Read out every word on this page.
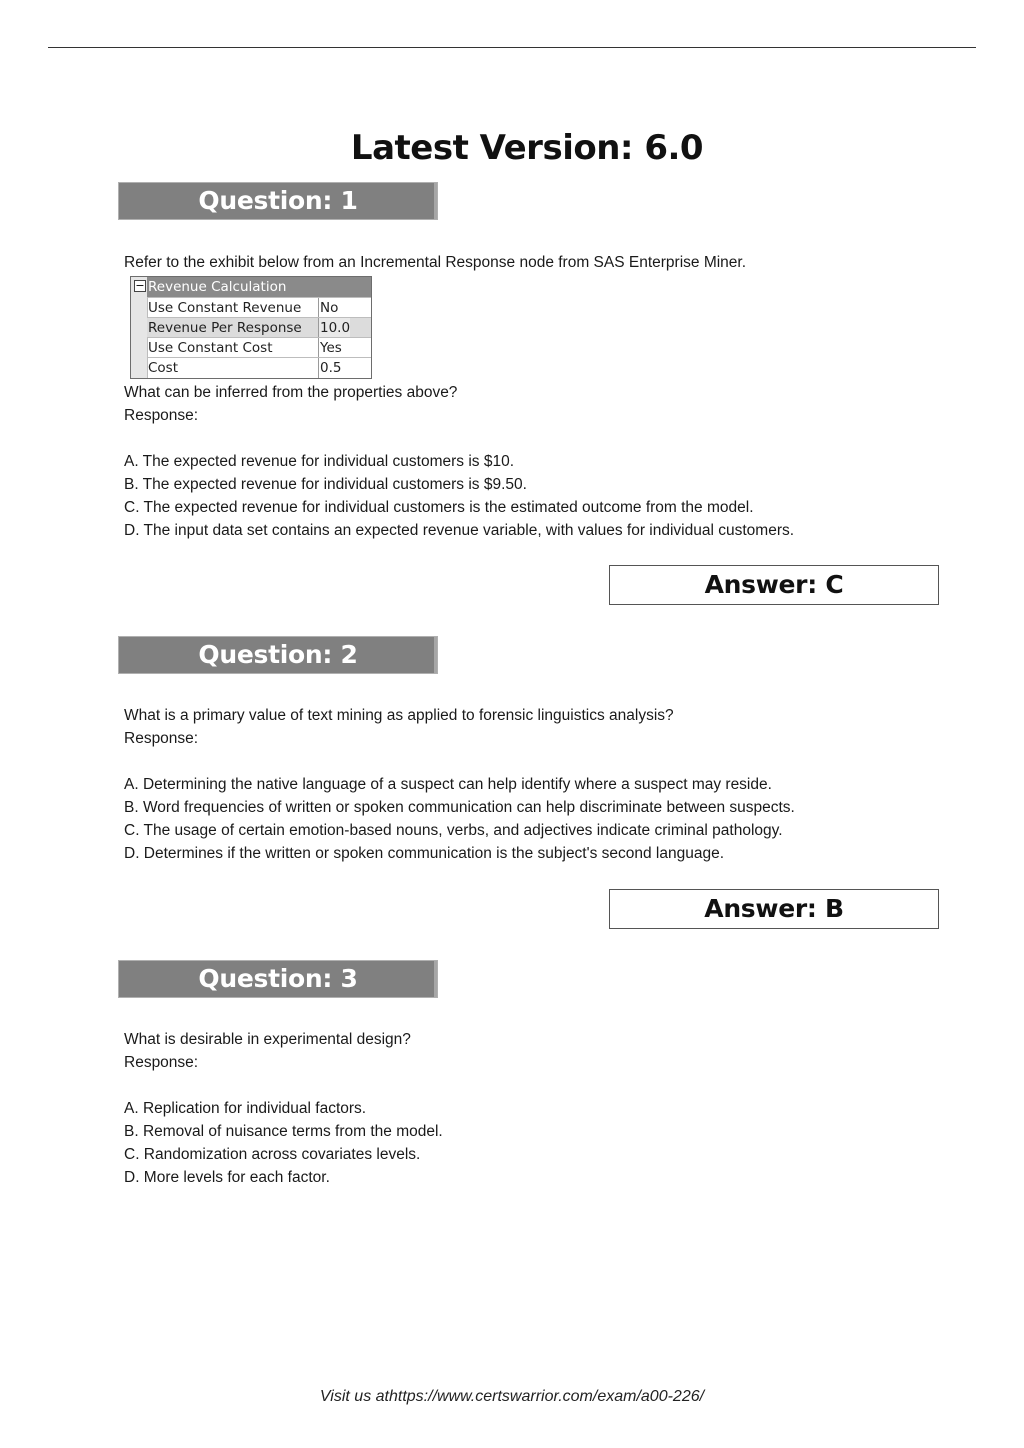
Latest Version: 6.0
Question: 1
Refer to the exhibit below from an Incremental Response node from SAS Enterprise Miner.
− Revenue Calculation
Use Constant Revenue	No
Revenue Per Response	10.0
Use Constant Cost	Yes
Cost	0.5
What can be inferred from the properties above?
Response:
A. The expected revenue for individual customers is $10.
B. The expected revenue for individual customers is $9.50.
C. The expected revenue for individual customers is the estimated outcome from the model.
D. The input data set contains an expected revenue variable, with values for individual customers.
Answer: C
Question: 2
What is a primary value of text mining as applied to forensic linguistics analysis?
Response:
A. Determining the native language of a suspect can help identify where a suspect may reside.
B. Word frequencies of written or spoken communication can help discriminate between suspects.
C. The usage of certain emotion-based nouns, verbs, and adjectives indicate criminal pathology.
D. Determines if the written or spoken communication is the subject's second language.
Answer: B
Question: 3
What is desirable in experimental design?
Response:
A. Replication for individual factors.
B. Removal of nuisance terms from the model.
C. Randomization across covariates levels.
D. More levels for each factor.
Visit us athttps://www.certswarrior.com/exam/a00-226/
